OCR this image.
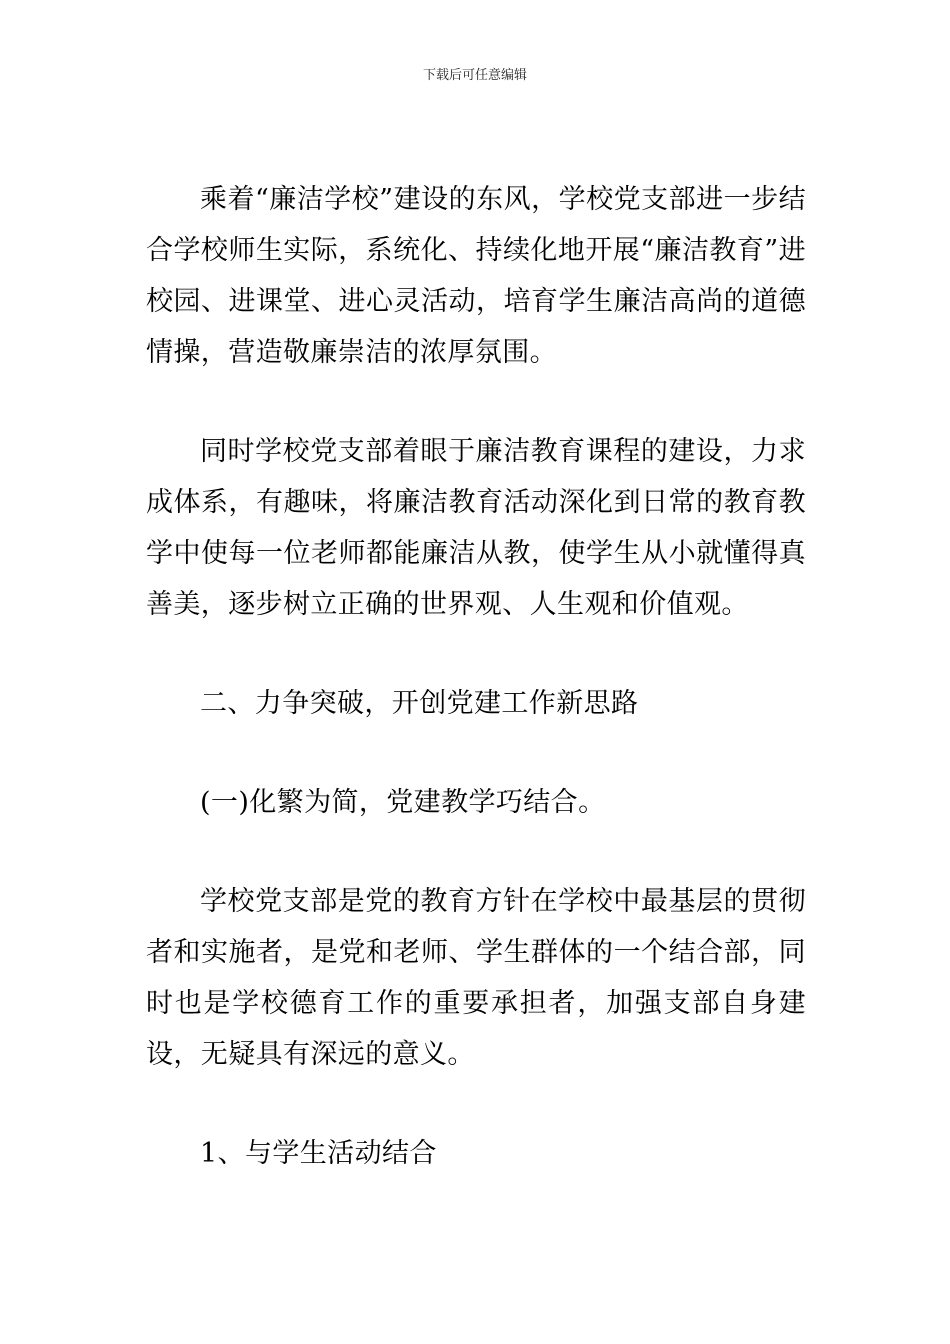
下载后可任意编辑

乘着“廉洁学校”建设的东风，学校党支部进一步结合学校师生实际，系统化、持续化地开展“廉洁教育”进校园、进课堂、进心灵活动，培育学生廉洁高尚的道德情操，营造敬廉崇洁的浓厚氛围。

同时学校党支部着眼于廉洁教育课程的建设，力求成体系，有趣味，将廉洁教育活动深化到日常的教育教学中使每一位老师都能廉洁从教，使学生从小就懂得真善美，逐步树立正确的世界观、人生观和价值观。

二、力争突破，开创党建工作新思路

(一)化繁为简，党建教学巧结合。

学校党支部是党的教育方针在学校中最基层的贯彻者和实施者，是党和老师、学生群体的一个结合部，同时也是学校德育工作的重要承担者，加强支部自身建设，无疑具有深远的意义。

1、与学生活动结合
